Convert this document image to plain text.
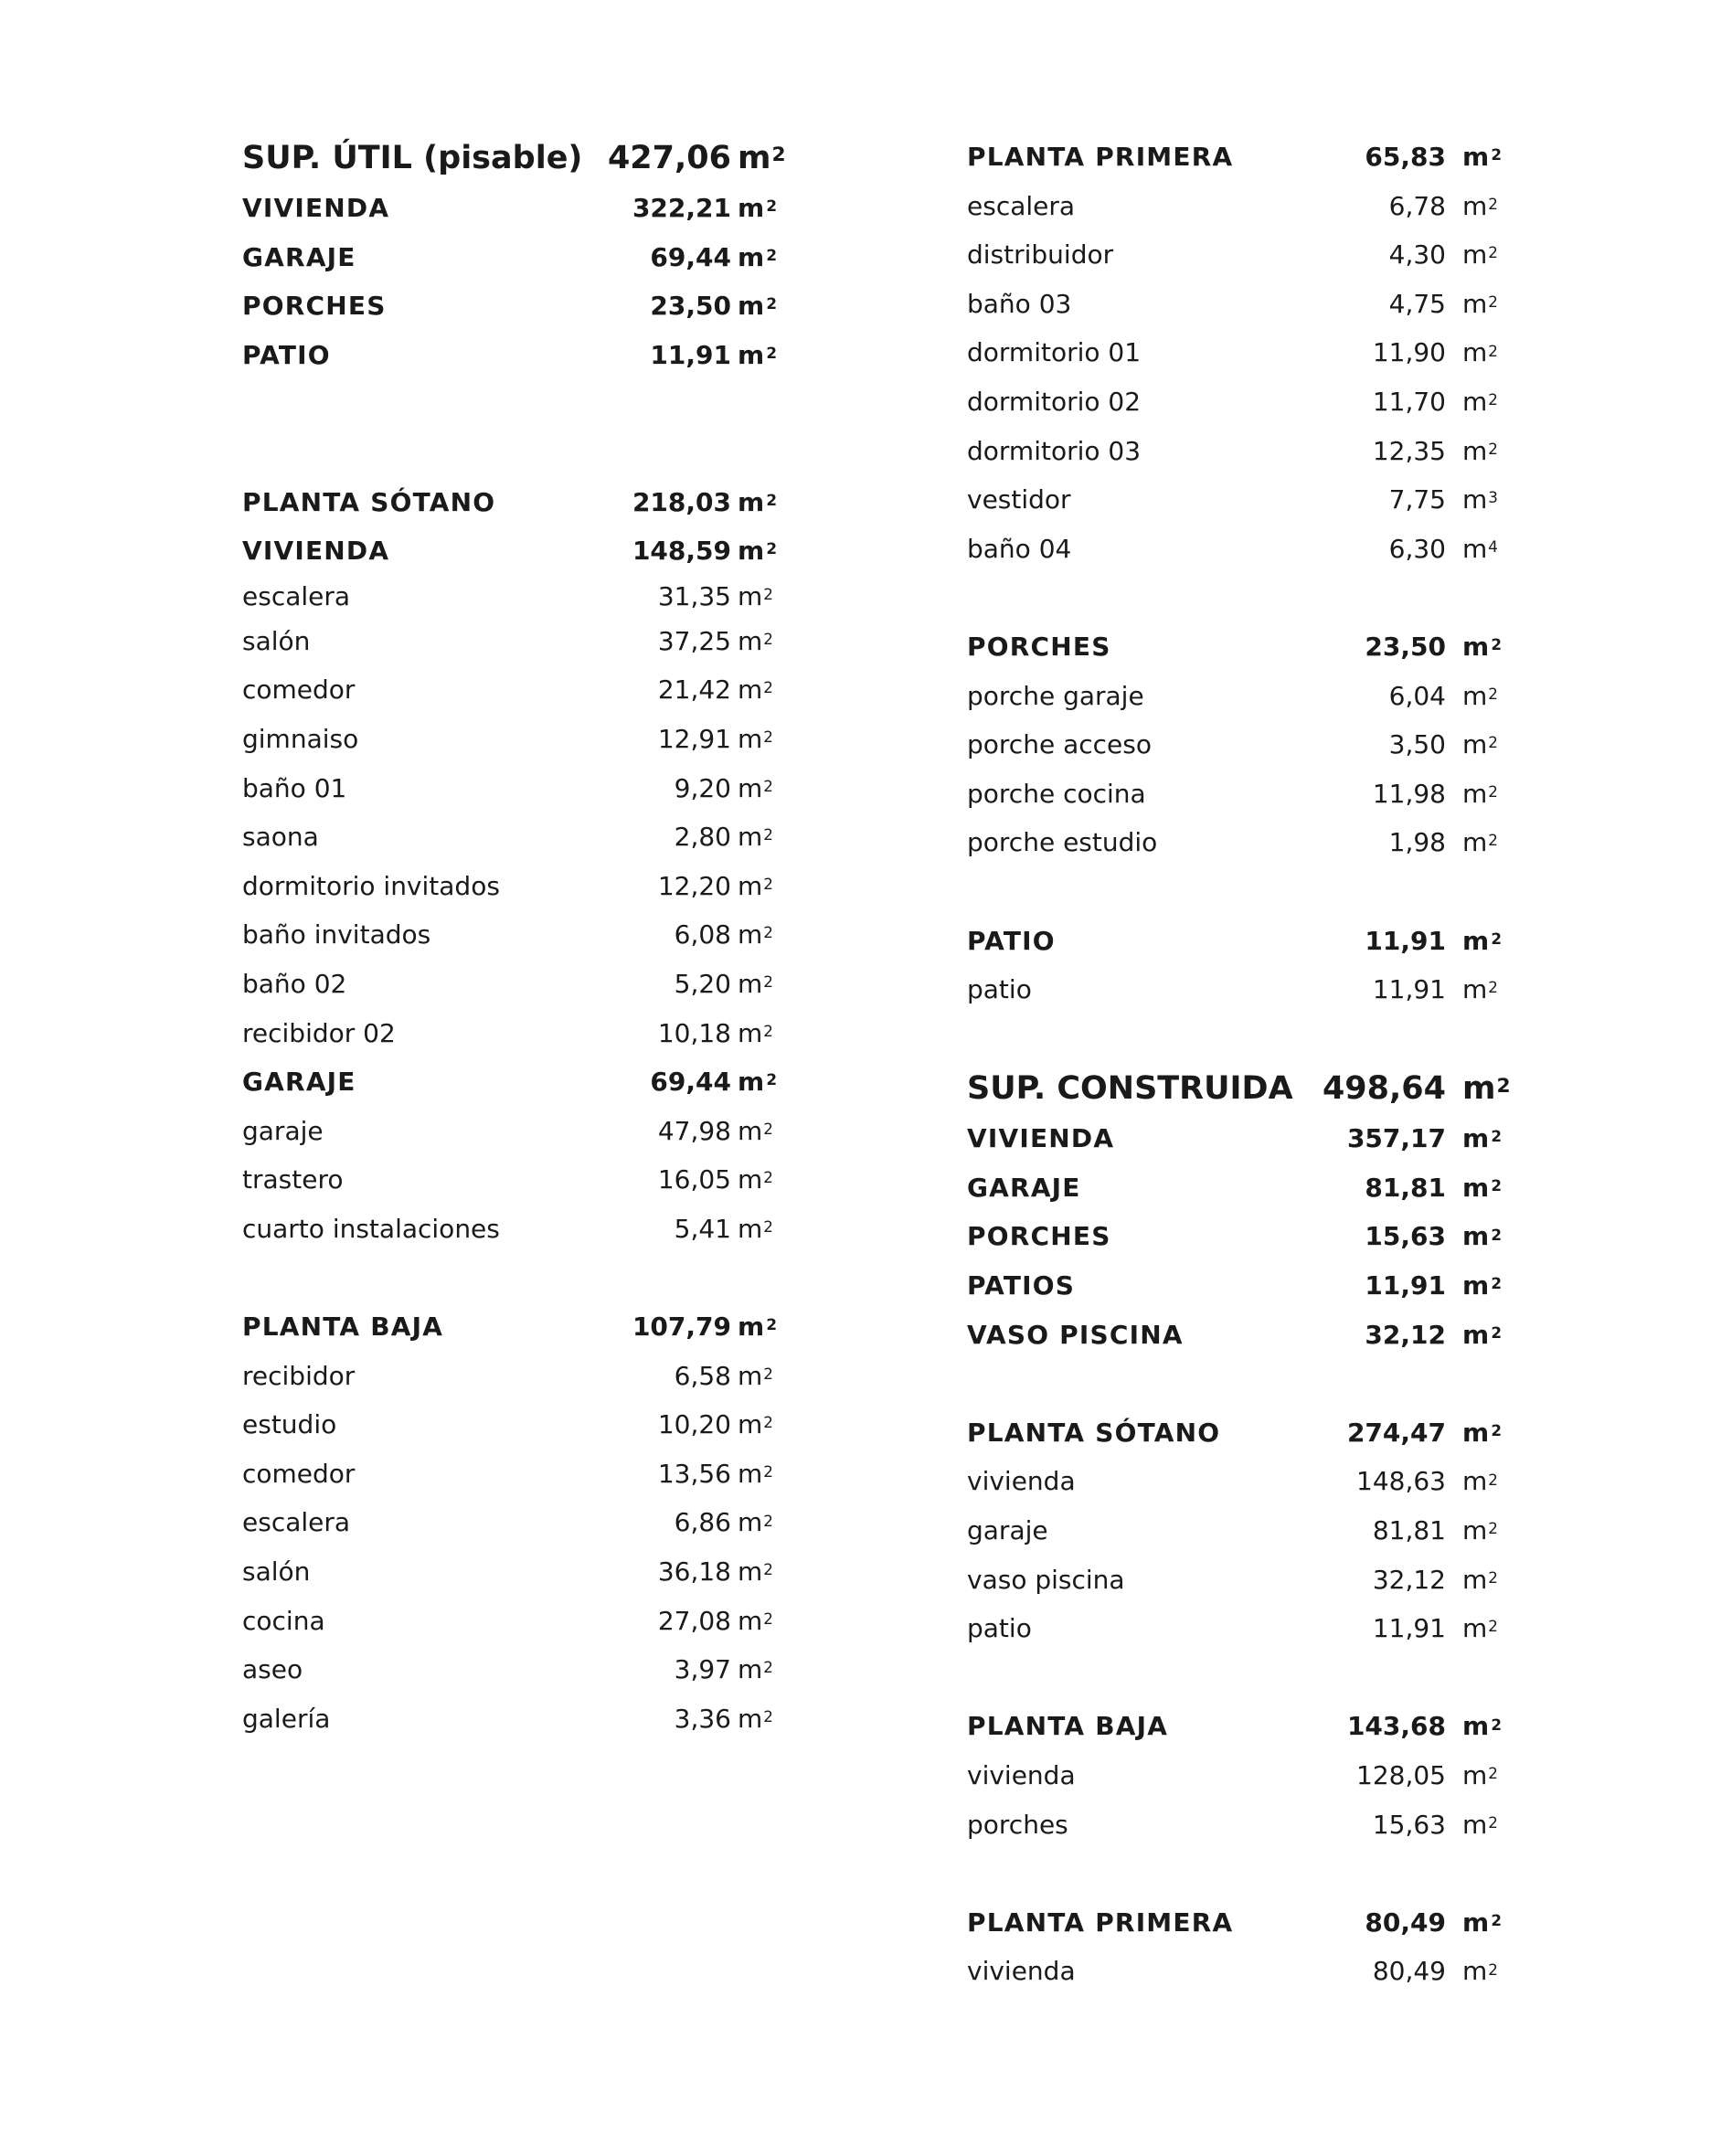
SUP. ÚTIL (pisable) 427,06 $m^2$
VIVIENDA	322,21 $m^2$
GARAJE	69,44 $m^2$
PORCHES	23,50 $m^2$
PATIO	11,91 $m^2$
PLANTA SÓTANO	218,03 $m^2$
VIVIENDA	148,59 $m^2$
escalera	31,35 $m^2$
salón	37,25 $m^2$
comedor	21,42 $m^2$
gimnaiso	12,91 $m^2$
baño 01	9,20 $m^2$
saona	2,80 $m^2$
dormitorio invitados	12,20 $m^2$
baño invitados	6,08 $m^2$
baño 02	5,20 $m^2$
recibidor 02	10,18 $m^2$
GARAJE	69,44 $m^2$
garaje	47,98 $m^2$
trastero	16,05 $m^2$
cuarto instalaciones	5,41 $m^2$
PLANTA BAJA	107,79 $m^2$
recibidor	6,58 $m^2$
estudio	10,20 $m^2$
comedor	13,56 $m^2$
escalera	6,86 $m^2$
salón	36,18 $m^2$
cocina	27,08 $m^2$
aseo	3,97 $m^2$
galería	3,36 $m^2$
PLANTA PRIMERA	65,83 $m^2$
escalera	6,78 $m^2$
distribuidor	4,30 $m^2$
baño 03	4,75 $m^2$
dormitorio 01	11,90 $m^2$
dormitorio 02	11,70 $m^2$
dormitorio 03	12,35 $m^2$
vestidor	7,75 $m^3$
baño 04	6,30 $m^4$
PORCHES	23,50 $m^2$
porche garaje	6,04 $m^2$
porche acceso	3,50 $m^2$
porche cocina	11,98 $m^2$
porche estudio	1,98 $m^2$
PATIO	11,91 $m^2$
patio	11,91 $m^2$
SUP. CONSTRUIDA 498,64 $m^2$
VIVIENDA	357,17 $m^2$
GARAJE	81,81 $m^2$
PORCHES	15,63 $m^2$
PATIOS	11,91 $m^2$
VASO PISCINA	32,12 $m^2$
PLANTA SÓTANO	274,47 $m^2$
vivienda	148,63 $m^2$
garaje	81,81 $m^2$
vaso piscina	32,12 $m^2$
patio	11,91 $m^2$
PLANTA BAJA	143,68 $m^2$
vivienda	128,05 $m^2$
porches	15,63 $m^2$
PLANTA PRIMERA	80,49 $m^2$
vivienda	80,49 $m^2$
